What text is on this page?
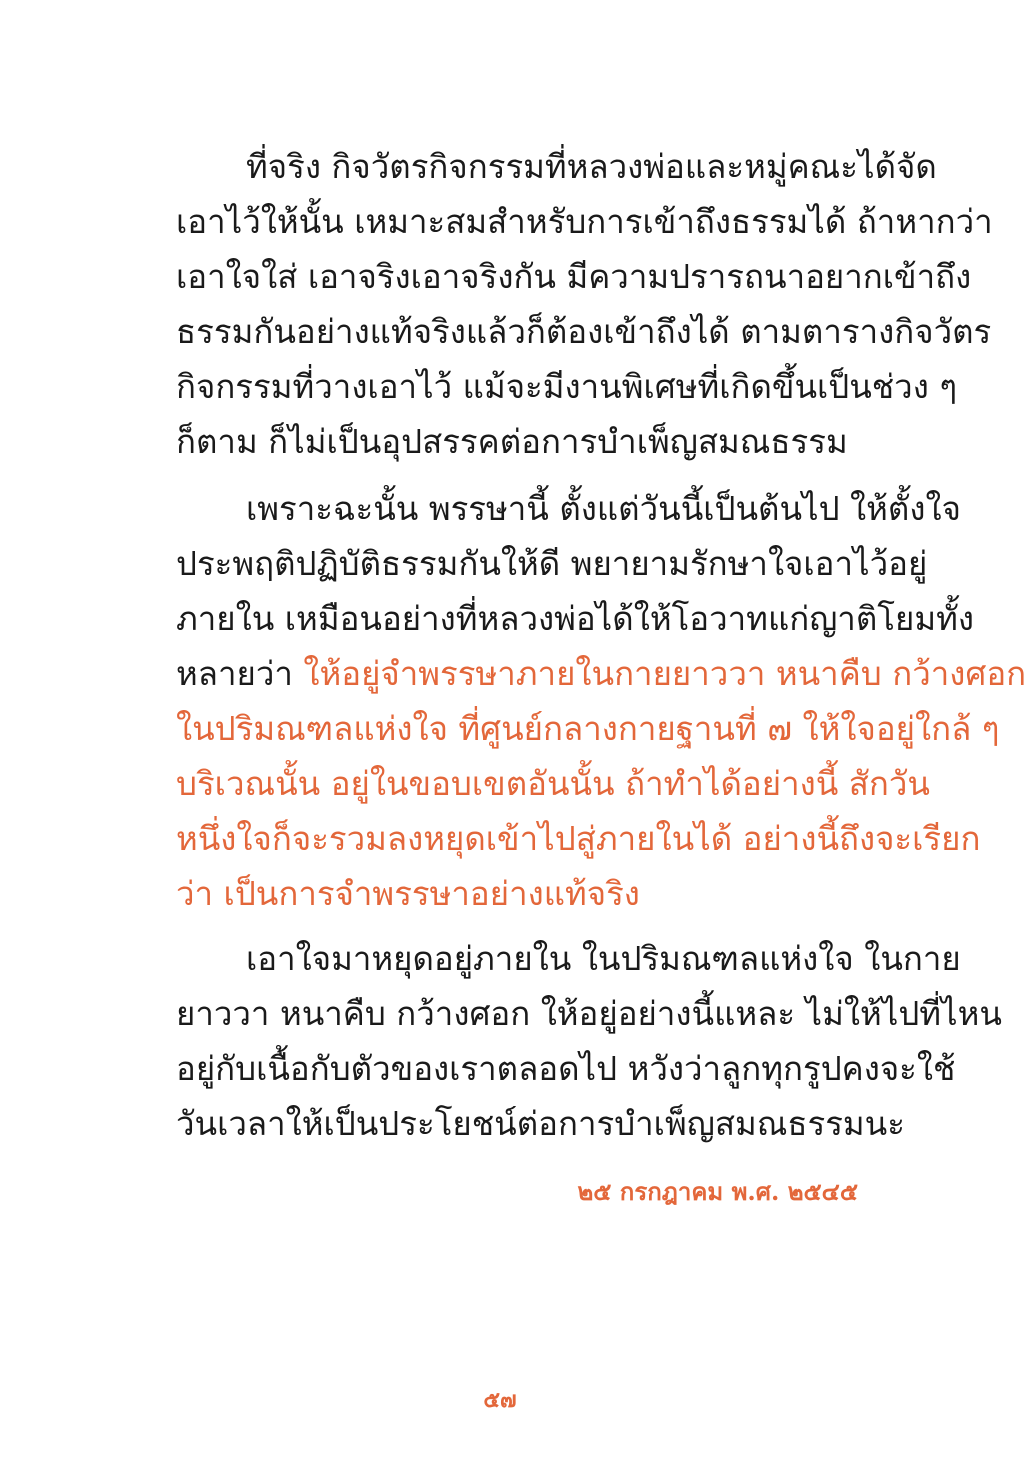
ที่จริง กิจวัตรกิจกรรมที่หลวงพ่อและหมู่คณะได้จัด
เอาไว้ให้นั้น เหมาะสมสำหรับการเข้าถึงธรรมได้ ถ้าหากว่า
เอาใจใส่ เอาจริงเอาจริงกัน มีความปรารถนาอยากเข้าถึง
ธรรมกันอย่างแท้จริงแล้วก็ต้องเข้าถึงได้ ตามตารางกิจวัตร
กิจกรรมที่วางเอาไว้ แม้จะมีงานพิเศษที่เกิดขึ้นเป็นช่วง ๆ
ก็ตาม ก็ไม่เป็นอุปสรรคต่อการบำเพ็ญสมณธรรม
เพราะฉะนั้น พรรษานี้ ตั้งแต่วันนี้เป็นต้นไป ให้ตั้งใจ
ประพฤติปฏิบัติธรรมกันให้ดี พยายามรักษาใจเอาไว้อยู่
ภายใน เหมือนอย่างที่หลวงพ่อได้ให้โอวาทแก่ญาติโยมทั้ง
หลายว่า ให้อยู่จำพรรษาภายในกายยาววา หนาคืบ กว้างศอก
ในปริมณฑลแห่งใจ ที่ศูนย์กลางกายฐานที่ ๗ ให้ใจอยู่ใกล้ ๆ
บริเวณนั้น อยู่ในขอบเขตอันนั้น ถ้าทำได้อย่างนี้ สักวัน
หนึ่งใจก็จะรวมลงหยุดเข้าไปสู่ภายในได้ อย่างนี้ถึงจะเรียก
ว่า เป็นการจำพรรษาอย่างแท้จริง
เอาใจมาหยุดอยู่ภายใน ในปริมณฑลแห่งใจ ในกาย
ยาววา หนาคืบ กว้างศอก ให้อยู่อย่างนี้แหละ ไม่ให้ไปที่ไหน
อยู่กับเนื้อกับตัวของเราตลอดไป หวังว่าลูกทุกรูปคงจะใช้
วันเวลาให้เป็นประโยชน์ต่อการบำเพ็ญสมณธรรมนะ
๒๕ กรกฎาคม พ.ศ. ๒๕๔๕
๕๗
